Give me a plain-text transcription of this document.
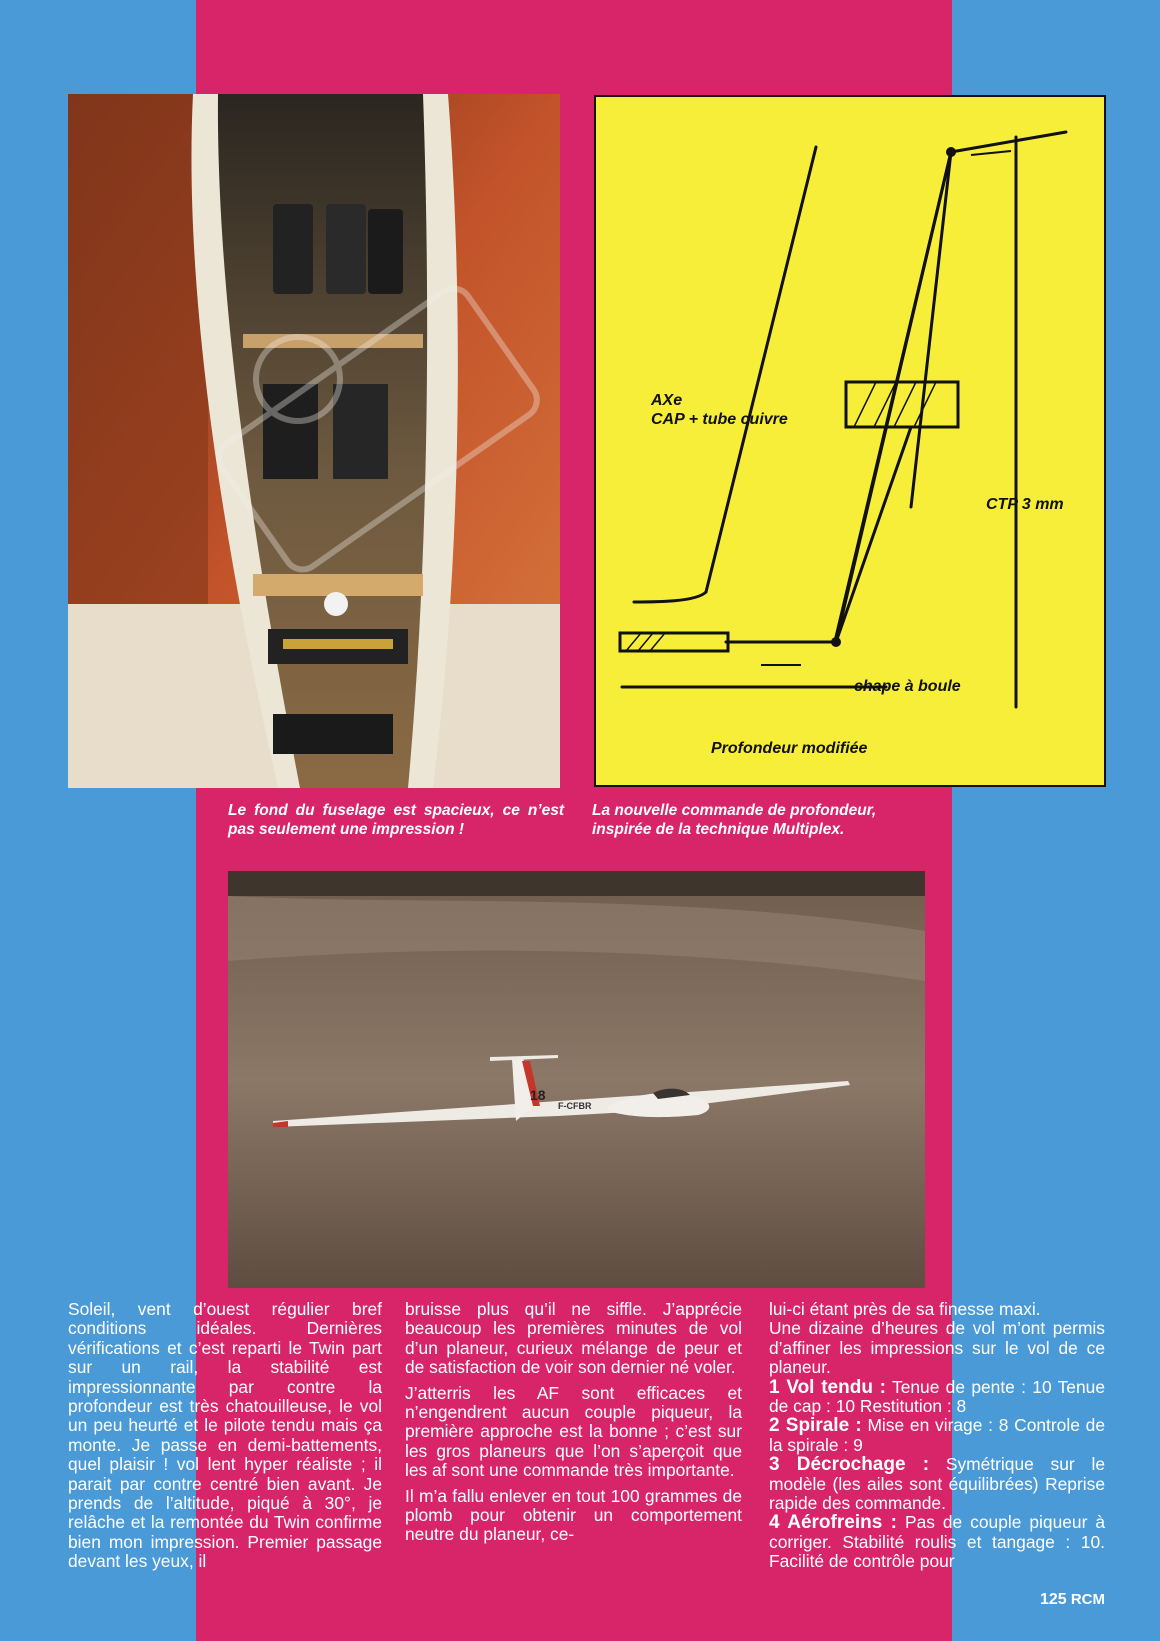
AXe
CAP + tube cuivre
CTP 3 mm
chape à boule
Profondeur modifiée
Le fond du fuselage est spacieux, ce n’est pas seulement une impression !
La nouvelle commande de profondeur, inspirée de la technique Multiplex.
18
F-CFBR

Soleil, vent d’ouest régulier bref conditions idéales. Dernières vérifications et c’est reparti le Twin part sur un rail, la stabilité est impressionnante par contre la profondeur est très chatouilleuse, le vol un peu heurté et le pilote tendu mais ça monte. Je passe en demi-battements, quel plaisir ! vol lent hyper réaliste ; il parait par contre centré bien avant. Je prends de l’altitude, piqué à 30°, je relâche et la remontée du Twin confirme bien mon impression. Premier passage devant les yeux, il

bruisse plus qu’il ne siffle. J’apprécie beaucoup les premières minutes de vol d’un planeur, curieux mélange de peur et de satisfaction de voir son dernier né voler.

J’atterris les AF sont efficaces et n’engendrent aucun couple piqueur, la première approche est la bonne ; c’est sur les gros planeurs que l’on s’aperçoit que les af sont une commande très importante.

Il m’a fallu enlever en tout 100 grammes de plomb pour obtenir un comportement neutre du planeur, ce-

lui-ci étant près de sa finesse maxi.

Une dizaine d’heures de vol m’ont permis d’affiner les impressions sur le vol de ce planeur.

1 Vol tendu : Tenue de pente : 10 Tenue de cap : 10 Restitution : 8

2 Spirale : Mise en virage : 8 Controle de la spirale : 9

3 Décrochage : Symétrique sur le modèle (les ailes sont équilibrées) Reprise rapide des commande.

4 Aérofreins : Pas de couple piqueur à corriger. Stabilité roulis et tangage : 10. Facilité de contrôle pour

125 RCM
